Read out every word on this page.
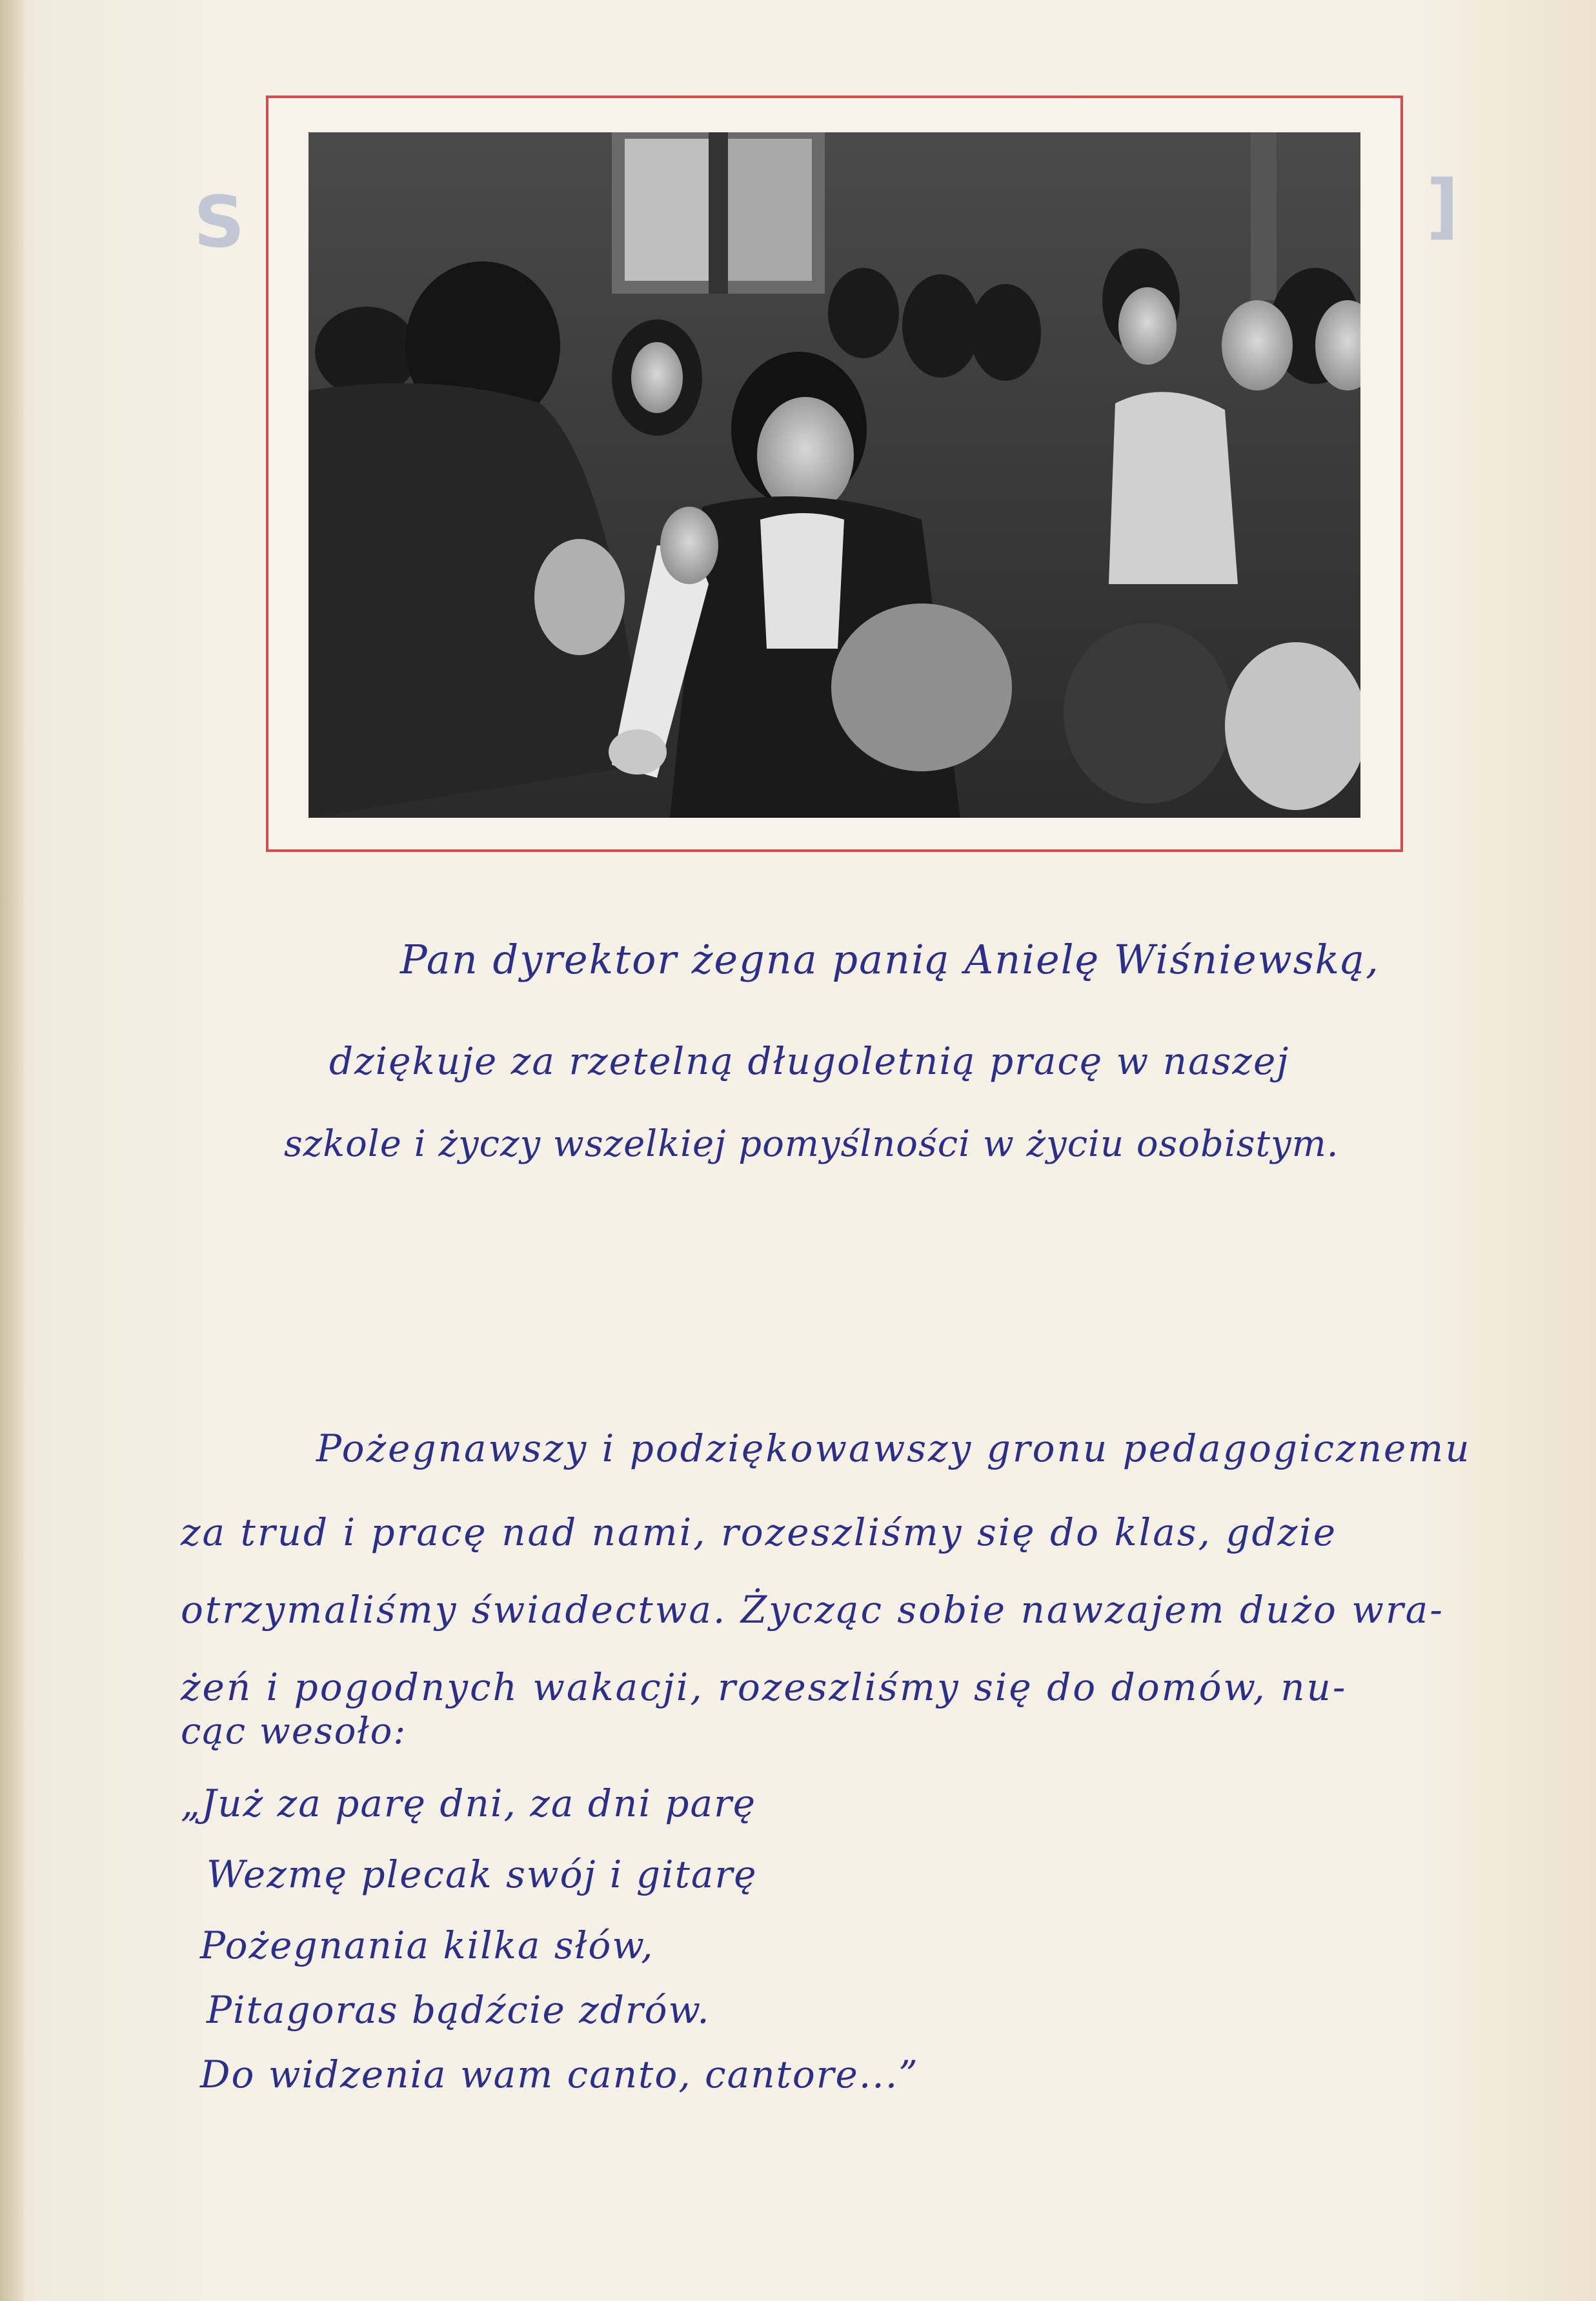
S	]
Pan dyrektor żegna panią Anielę Wiśniewską,
dziękuje za rzetelną długoletnią pracę w naszej
szkole i życzy wszelkiej pomyślności w życiu osobistym.
Pożegnawszy i podziękowawszy gronu pedagogicznemu
za trud i pracę nad nami, rozeszliśmy się do klas, gdzie
otrzymaliśmy świadectwa. Życząc sobie nawzajem dużo wra-
żeń i pogodnych wakacji, rozeszliśmy się do domów, nu-
cąc wesoło:
„Już za parę dni, za dni parę
Wezmę plecak swój i gitarę
Pożegnania kilka słów,
Pitagoras bądźcie zdrów.
Do widzenia wam canto, cantore...”
